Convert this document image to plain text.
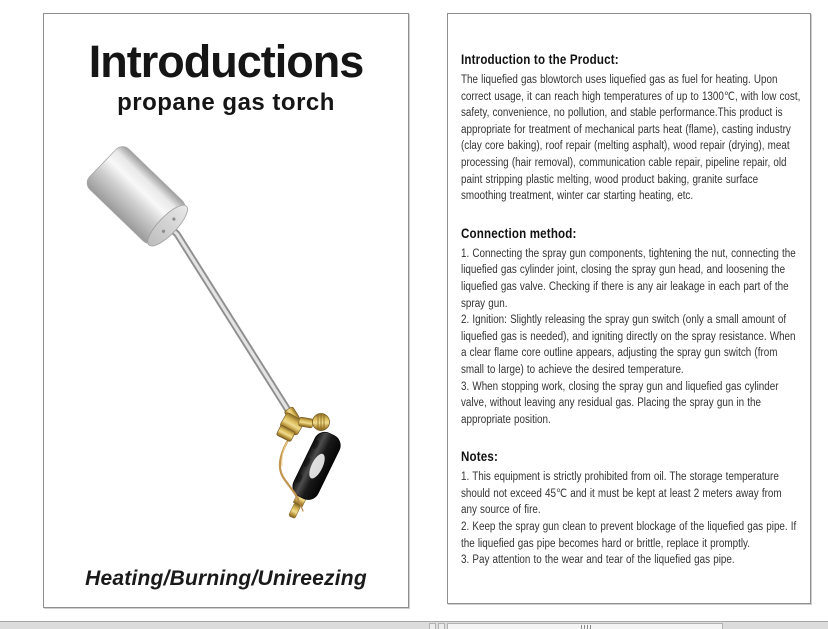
Introductions
propane gas torch
Heating/Burning/Unireezing
Introduction to the Product:

The liquefied gas blowtorch uses liquefied gas as fuel for heating. Upon correct usage, it can reach high temperatures of up to 1300℃, with low cost, safety, convenience, no pollution, and stable performance.This product is appropriate for treatment of mechanical parts heat (flame), casting industry (clay core baking), roof repair (melting asphalt), wood repair (drying), meat processing (hair removal), communication cable repair, pipeline repair, old paint stripping plastic melting, wood product baking, granite surface smoothing treatment, winter car starting heating, etc.

Connection method:

1. Connecting the spray gun components, tightening the nut, connecting the liquefied gas cylinder joint, closing the spray gun head, and loosening the liquefied gas valve. Checking if there is any air leakage in each part of the spray gun.

2. Ignition: Slightly releasing the spray gun switch (only a small amount of liquefied gas is needed), and igniting directly on the spray resistance. When a clear flame core outline appears, adjusting the spray gun switch (from small to large) to achieve the desired temperature.

3. When stopping work, closing the spray gun and liquefied gas cylinder valve, without leaving any residual gas. Placing the spray gun in the appropriate position.

Notes:

1. This equipment is strictly prohibited from oil. The storage temperature should not exceed 45℃ and it must be kept at least 2 meters away from any source of fire.

2. Keep the spray gun clean to prevent blockage of the liquefied gas pipe. If the liquefied gas pipe becomes hard or brittle, replace it promptly.

3. Pay attention to the wear and tear of the liquefied gas pipe.
